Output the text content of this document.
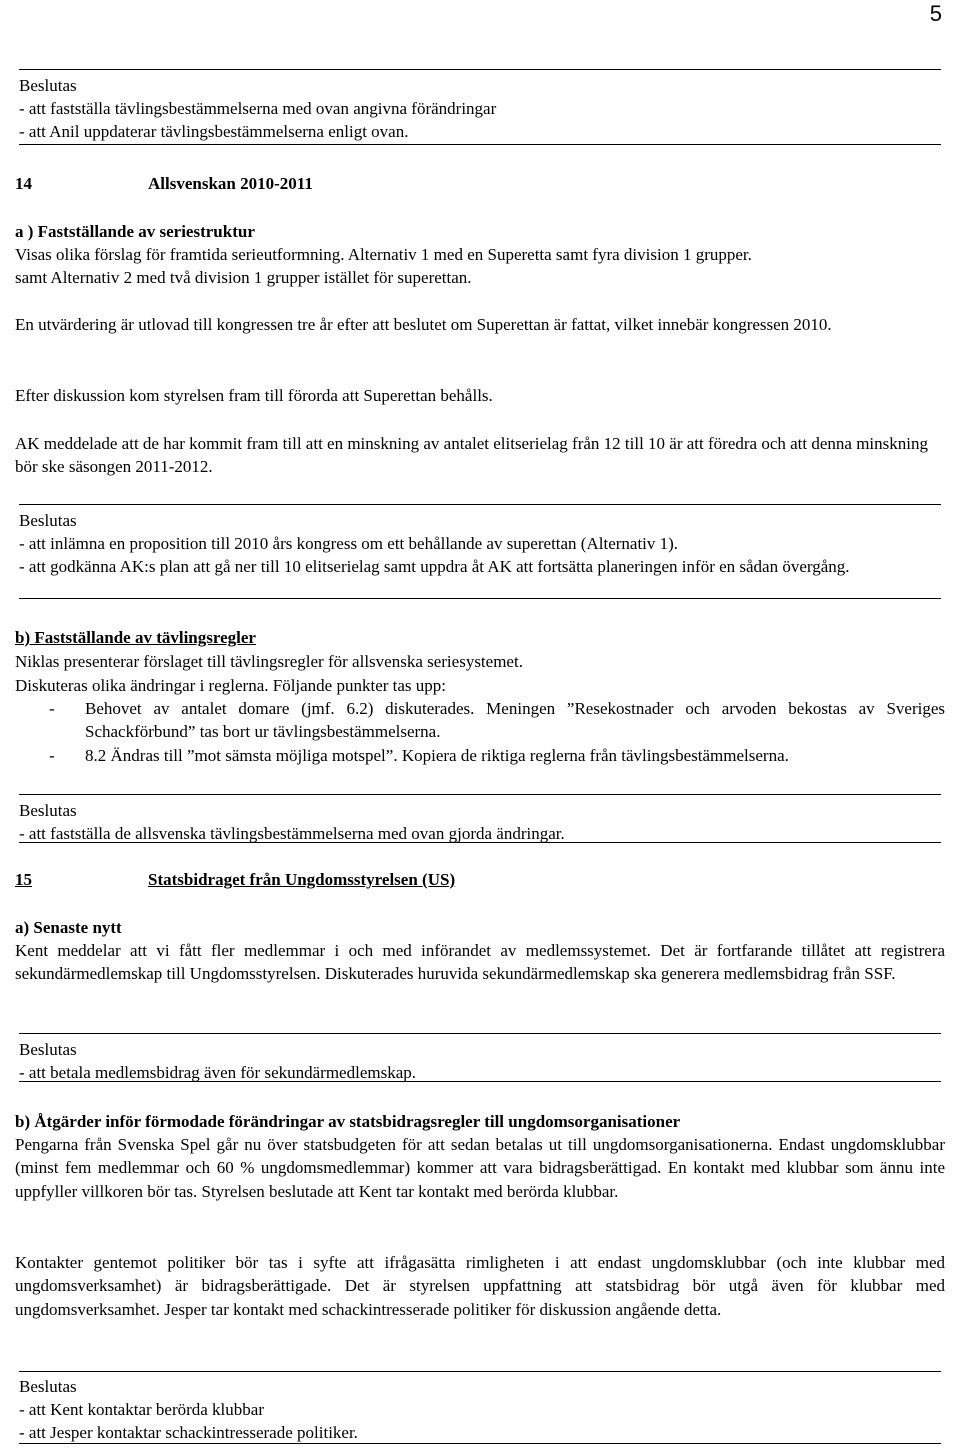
5
Beslutas
- att fastställa tävlingsbestämmelserna med ovan angivna förändringar
- att Anil uppdaterar tävlingsbestämmelserna enligt ovan.
14	Allsvenskan 2010-2011
a ) Fastställande av seriestruktur
Visas olika förslag för framtida serieutformning. Alternativ 1 med en Superetta samt fyra division 1 grupper.
samt Alternativ 2 med två division 1 grupper istället för superettan.
En utvärdering är utlovad till kongressen tre år efter att beslutet om Superettan är fattat, vilket innebär kongressen 2010.
Efter diskussion kom styrelsen fram till förorda att Superettan behålls.
AK meddelade att de har kommit fram till att en minskning av antalet elitserielag från 12 till 10 är att föredra och att denna minskning bör ske säsongen 2011-2012.
Beslutas
- att inlämna en proposition till 2010 års kongress om ett behållande av superettan (Alternativ 1).
- att godkänna AK:s plan att gå ner till 10 elitserielag samt uppdra åt AK att fortsätta planeringen inför en sådan övergång.
b) Fastställande av tävlingsregler
Niklas presenterar förslaget till tävlingsregler för allsvenska seriesystemet.
Diskuteras olika ändringar i reglerna. Följande punkter tas upp:
- Behovet av antalet domare (jmf. 6.2) diskuterades. Meningen ”Resekostnader och arvoden bekostas av Sveriges Schackförbund” tas bort ur tävlingsbestämmelserna.
- 8.2 Ändras till ”mot sämsta möjliga motspel”. Kopiera de riktiga reglerna från tävlingsbestämmelserna.
Beslutas
- att fastställa de allsvenska tävlingsbestämmelserna med ovan gjorda ändringar.
15	Statsbidraget från Ungdomsstyrelsen (US)
a) Senaste nytt
Kent meddelar att vi fått fler medlemmar i och med införandet av medlemssystemet. Det är fortfarande tillåtet att registrera sekundärmedlemskap till Ungdomsstyrelsen. Diskuterades huruvida sekundärmedlemskap ska generera medlemsbidrag från SSF.
Beslutas
- att betala medlemsbidrag även för sekundärmedlemskap.
b) Åtgärder inför förmodade förändringar av statsbidragsregler till ungdomsorganisationer
Pengarna från Svenska Spel går nu över statsbudgeten för att sedan betalas ut till ungdomsorganisationerna. Endast ungdomsklubbar (minst fem medlemmar och 60 % ungdomsmedlemmar) kommer att vara bidragsberättigad. En kontakt med klubbar som ännu inte uppfyller villkoren bör tas. Styrelsen beslutade att Kent tar kontakt med berörda klubbar.
Kontakter gentemot politiker bör tas i syfte att ifrågasätta rimligheten i att endast ungdomsklubbar (och inte klubbar med ungdomsverksamhet) är bidragsberättigade. Det är styrelsen uppfattning att statsbidrag bör utgå även för klubbar med ungdomsverksamhet. Jesper tar kontakt med schackintresserade politiker för diskussion angående detta.
Beslutas
- att Kent kontaktar berörda klubbar
- att Jesper kontaktar schackintresserade politiker.
